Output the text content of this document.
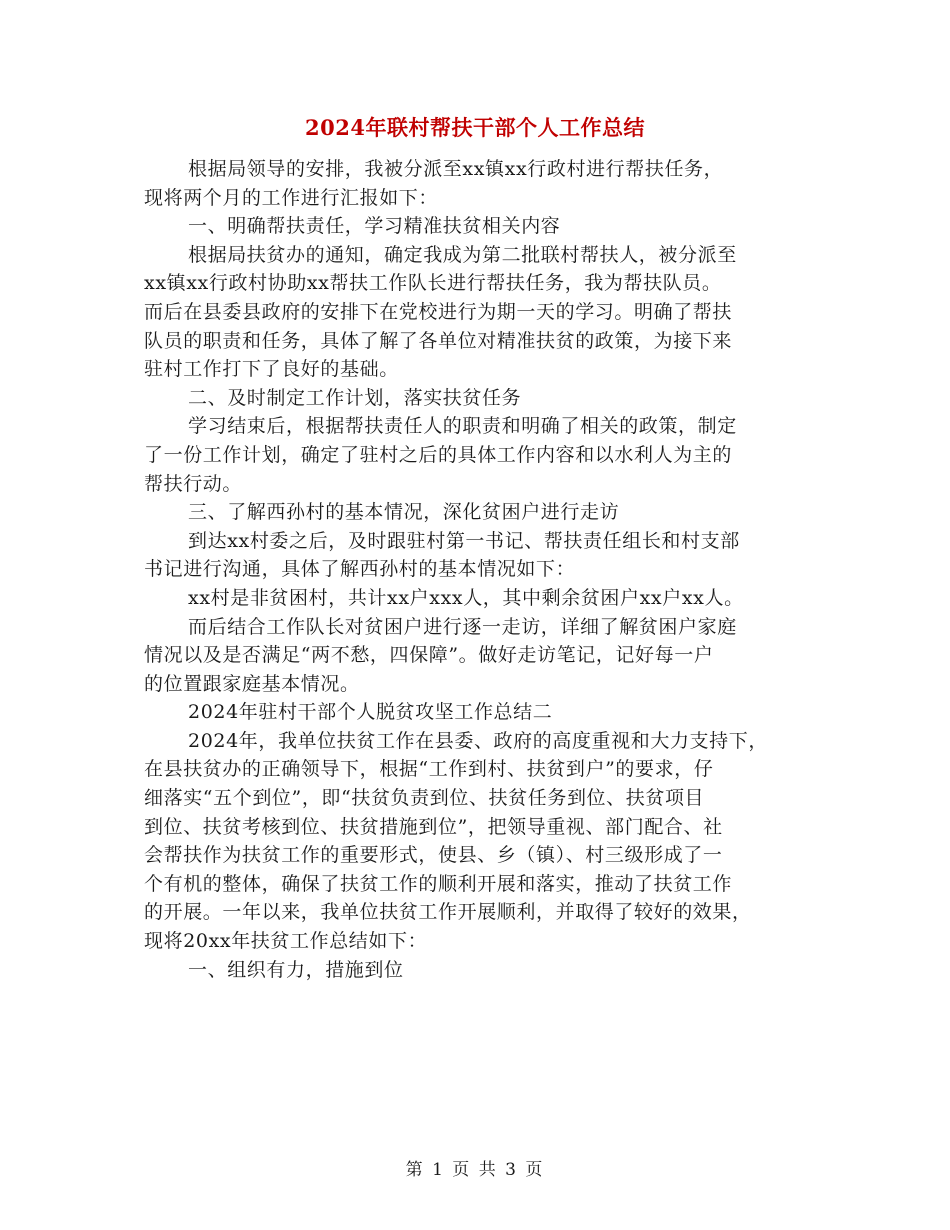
2024年联村帮扶干部个人工作总结
根据局领导的安排，我被分派至xx镇xx行政村进行帮扶任务，
现将两个月的工作进行汇报如下：
一、明确帮扶责任，学习精准扶贫相关内容
根据局扶贫办的通知，确定我成为第二批联村帮扶人，被分派至
xx镇xx行政村协助xx帮扶工作队长进行帮扶任务，我为帮扶队员。
而后在县委县政府的安排下在党校进行为期一天的学习。明确了帮扶
队员的职责和任务，具体了解了各单位对精准扶贫的政策，为接下来
驻村工作打下了良好的基础。
二、及时制定工作计划，落实扶贫任务
学习结束后，根据帮扶责任人的职责和明确了相关的政策，制定
了一份工作计划，确定了驻村之后的具体工作内容和以水利人为主的
帮扶行动。
三、了解西孙村的基本情况，深化贫困户进行走访
到达xx村委之后，及时跟驻村第一书记、帮扶责任组长和村支部
书记进行沟通，具体了解西孙村的基本情况如下：
xx村是非贫困村，共计xx户xxx人，其中剩余贫困户xx户xx人。
而后结合工作队长对贫困户进行逐一走访，详细了解贫困户家庭
情况以及是否满足“两不愁，四保障”。做好走访笔记，记好每一户
的位置跟家庭基本情况。
2024年驻村干部个人脱贫攻坚工作总结二
2024年，我单位扶贫工作在县委、政府的高度重视和大力支持下，
在县扶贫办的正确领导下，根据“工作到村、扶贫到户”的要求，仔
细落实“五个到位”，即“扶贫负责到位、扶贫任务到位、扶贫项目
到位、扶贫考核到位、扶贫措施到位”，把领导重视、部门配合、社
会帮扶作为扶贫工作的重要形式，使县、乡（镇）、村三级形成了一
个有机的整体，确保了扶贫工作的顺利开展和落实，推动了扶贫工作
的开展。一年以来，我单位扶贫工作开展顺利，并取得了较好的效果，
现将20xx年扶贫工作总结如下：
一、组织有力，措施到位
第 1 页 共 3 页
